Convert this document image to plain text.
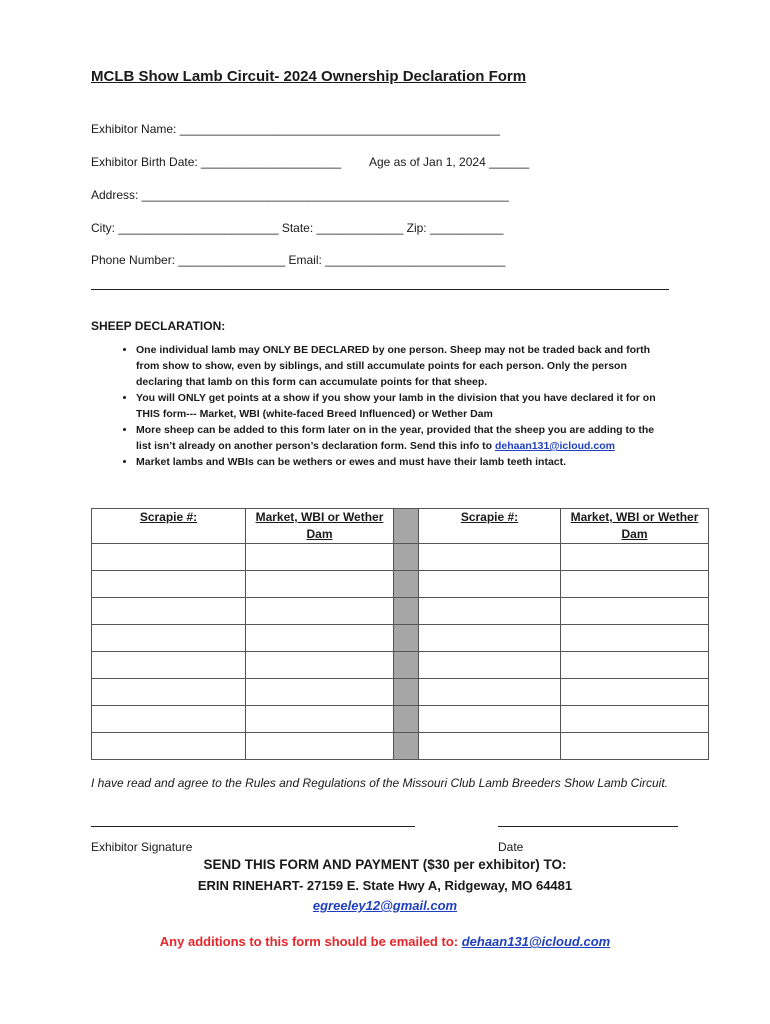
MCLB Show Lamb Circuit- 2024 Ownership Declaration Form
Exhibitor Name: ________________________________________________
Exhibitor Birth Date: _____________________ Age as of Jan 1, 2024 ______
Address: _______________________________________________________
City: ________________________ State: _____________ Zip: ___________
Phone Number: ________________ Email: ___________________________
SHEEP DECLARATION:
• One individual lamb may ONLY BE DECLARED by one person. Sheep may not be traded back and forth from show to show, even by siblings, and still accumulate points for each person. Only the person declaring that lamb on this form can accumulate points for that sheep.
• You will ONLY get points at a show if you show your lamb in the division that you have declared it for on THIS form--- Market, WBI (white-faced Breed Influenced) or Wether Dam
• More sheep can be added to this form later on in the year, provided that the sheep you are adding to the list isn’t already on another person’s declaration form. Send this info to dehaan131@icloud.com
• Market lambs and WBIs can be wethers or ewes and must have their lamb teeth intact.
Scrapie #:	Market, WBI or Wether Dam		Scrapie #:	Market, WBI or Wether Dam

I have read and agree to the Rules and Regulations of the Missouri Club Lamb Breeders Show Lamb Circuit.
Exhibitor Signature	Date
SEND THIS FORM AND PAYMENT ($30 per exhibitor) TO:
ERIN RINEHART- 27159 E. State Hwy A, Ridgeway, MO 64481
egreeley12@gmail.com
Any additions to this form should be emailed to: dehaan131@icloud.com
